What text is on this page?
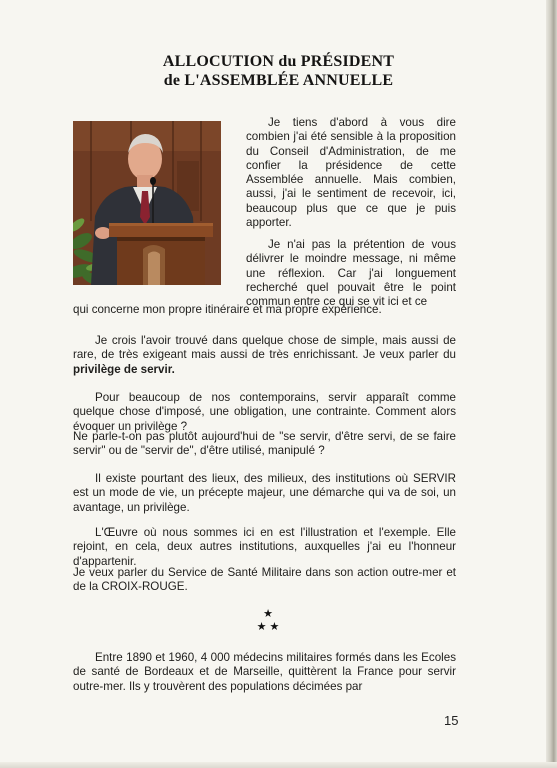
ALLOCUTION du PRÉSIDENT
de L'ASSEMBLÉE ANNUELLE

Je tiens d'abord à vous dire combien j'ai été sensible à la proposition du Conseil d'Administration, de me confier la présidence de cette Assemblée annuelle. Mais combien, aussi, j'ai le sentiment de recevoir, ici, beaucoup plus que ce que je puis apporter.

Je n'ai pas la prétention de vous délivrer le moindre message, ni même une réflexion. Car j'ai longuement recherché quel pouvait être le point commun entre ce qui se vit ici et ce

qui concerne mon propre itinéraire et ma propre expérience.

Je crois l'avoir trouvé dans quelque chose de simple, mais aussi de rare, de très exigeant mais aussi de très enrichissant. Je veux parler du privilège de servir.

Pour beaucoup de nos contemporains, servir apparaît comme quelque chose d'imposé, une obligation, une contrainte. Comment alors évoquer un privilège ?

Ne parle-t-on pas plutôt aujourd'hui de "se servir, d'être servi, de se faire servir" ou de "servir de", d'être utilisé, manipulé ?

Il existe pourtant des lieux, des milieux, des institutions où SERVIR est un mode de vie, un précepte majeur, une démarche qui va de soi, un avantage, un privilège.

L'Œuvre où nous sommes ici en est l'illustration et l'exemple. Elle rejoint, en cela, deux autres institutions, auxquelles j'ai eu l'honneur d'appartenir.

Je veux parler du Service de Santé Militaire dans son action outre-mer et de la CROIX-ROUGE.

★
★ ★

Entre 1890 et 1960, 4 000 médecins militaires formés dans les Ecoles de santé de Bordeaux et de Marseille, quittèrent la France pour servir outre-mer. Ils y trouvèrent des populations décimées par

15
